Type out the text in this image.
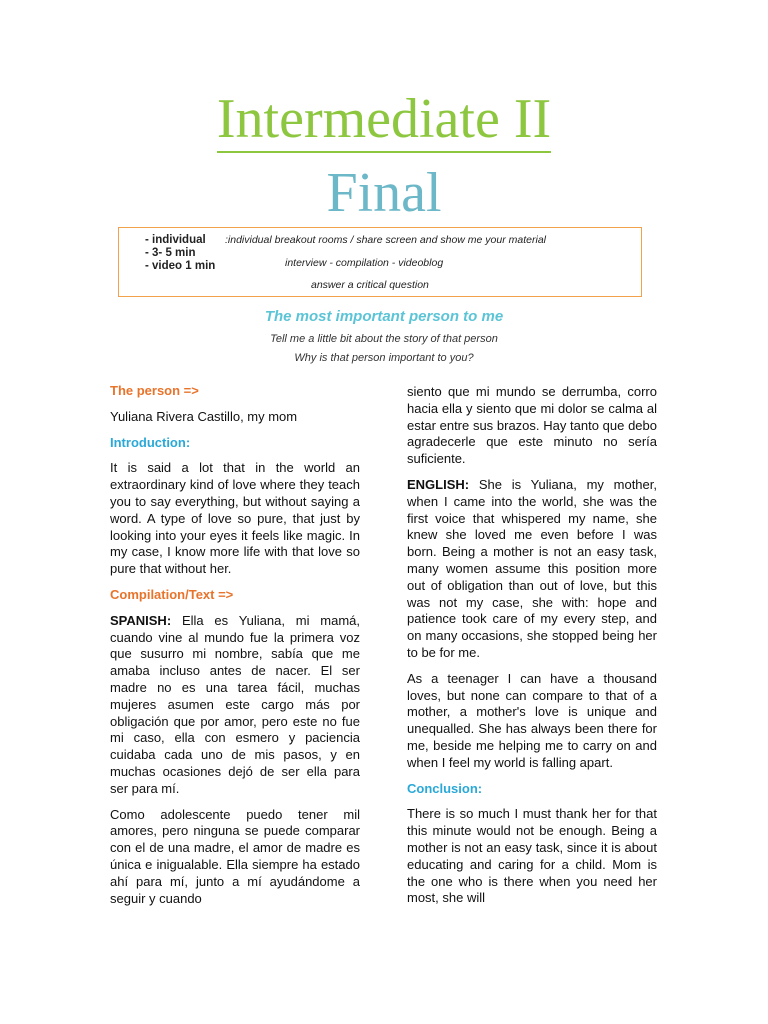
Intermediate II
Final
- individual
- 3- 5 min
- video 1 min
:individual breakout rooms / share screen and show me your material
interview - compilation - videoblog
answer a critical question
The most important person to me
Tell me a little bit about the story of that person
Why is that person important to you?
The person =>

Yuliana Rivera Castillo, my mom

Introduction:

It is said a lot that in the world an extraordinary kind of love where they teach you to say everything, but without saying a word. A type of love so pure, that just by looking into your eyes it feels like magic. In my case, I know more life with that love so pure that without her.

Compilation/Text =>

SPANISH: Ella es Yuliana, mi mamá, cuando vine al mundo fue la primera voz que susurro mi nombre, sabía que me amaba incluso antes de nacer. El ser madre no es una tarea fácil, muchas mujeres asumen este cargo más por obligación que por amor, pero este no fue mi caso, ella con esmero y paciencia cuidaba cada uno de mis pasos, y en muchas ocasiones dejó de ser ella para ser para mí.

Como adolescente puedo tener mil amores, pero ninguna se puede comparar con el de una madre, el amor de madre es única e inigualable. Ella siempre ha estado ahí para mí, junto a mí ayudándome a seguir y cuando

siento que mi mundo se derrumba, corro hacia ella y siento que mi dolor se calma al estar entre sus brazos. Hay tanto que debo agradecerle que este minuto no sería suficiente.

ENGLISH: She is Yuliana, my mother, when I came into the world, she was the first voice that whispered my name, she knew she loved me even before I was born. Being a mother is not an easy task, many women assume this position more out of obligation than out of love, but this was not my case, she with: hope and patience took care of my every step, and on many occasions, she stopped being her to be for me.

As a teenager I can have a thousand loves, but none can compare to that of a mother, a mother's love is unique and unequalled. She has always been there for me, beside me helping me to carry on and when I feel my world is falling apart.

Conclusion:

There is so much I must thank her for that this minute would not be enough. Being a mother is not an easy task, since it is about educating and caring for a child. Mom is the one who is there when you need her most, she will
